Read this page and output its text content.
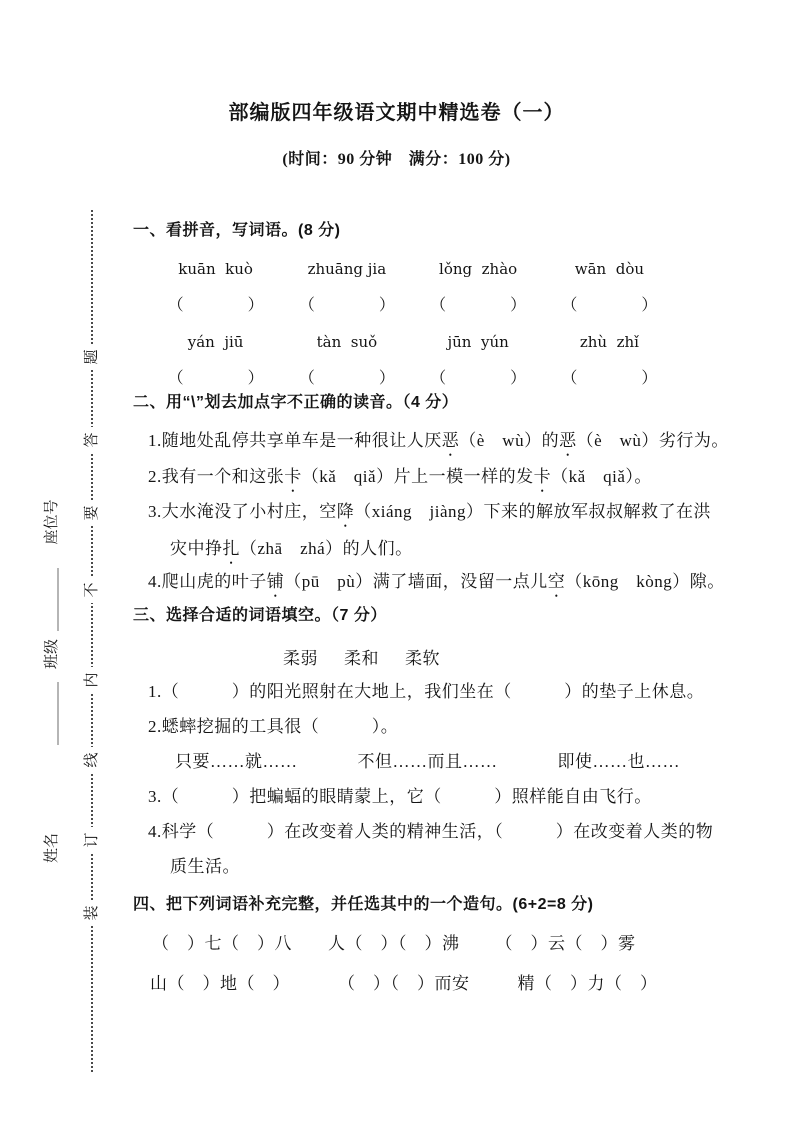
装
订
线
内
不
要
答
题
姓名
班级
座位号
部编版四年级语文期中精选卷（一）
(时间：90 分钟　满分：100 分)
一、看拼音，写词语。(8 分)
kuān  kuò	zhuāng jia	lǒng  zhào	wān  dòu
（　　　　）	（　　　　）	（　　　　）	（　　　　）
yán  jiū	tàn  suǒ	jūn  yún	zhù  zhǐ
（　　　　）	（　　　　）	（　　　　）	（　　　　）
二、用“\”划去加点字不正确的读音。（4 分）
1.随地处乱停共享单车是一种很让人厌恶（è　wù）的恶（è　wù）劣行为。
2.我有一个和这张卡（kǎ　qiǎ）片上一模一样的发卡（kǎ　qiǎ）。
3.大水淹没了小村庄，空降（xiáng　jiàng）下来的解放军叔叔解救了在洪
灾中挣扎（zhā　zhá）的人们。
4.爬山虎的叶子铺（pū　pù）满了墙面，没留一点儿空（kōng　kòng）隙。
三、选择合适的词语填空。（7 分）
柔弱 柔和 柔软
1.（　　　）的阳光照射在大地上，我们坐在（　　　）的垫子上休息。
2.蟋蟀挖掘的工具很（　　　）。
只要……就……	不但……而且……	即使……也……
3.（　　　）把蝙蝠的眼睛蒙上，它（　　　）照样能自由飞行。
4.科学（　　　）在改变着人类的精神生活，（　　　）在改变着人类的物
质生活。
四、把下列词语补充完整，并任选其中的一个造句。(6+2=8 分)
（　）七（　）八 人（　）（　）沸 （　）云（　）雾
山（　）地（　）	（　）（　）而安	精（　）力（　）
